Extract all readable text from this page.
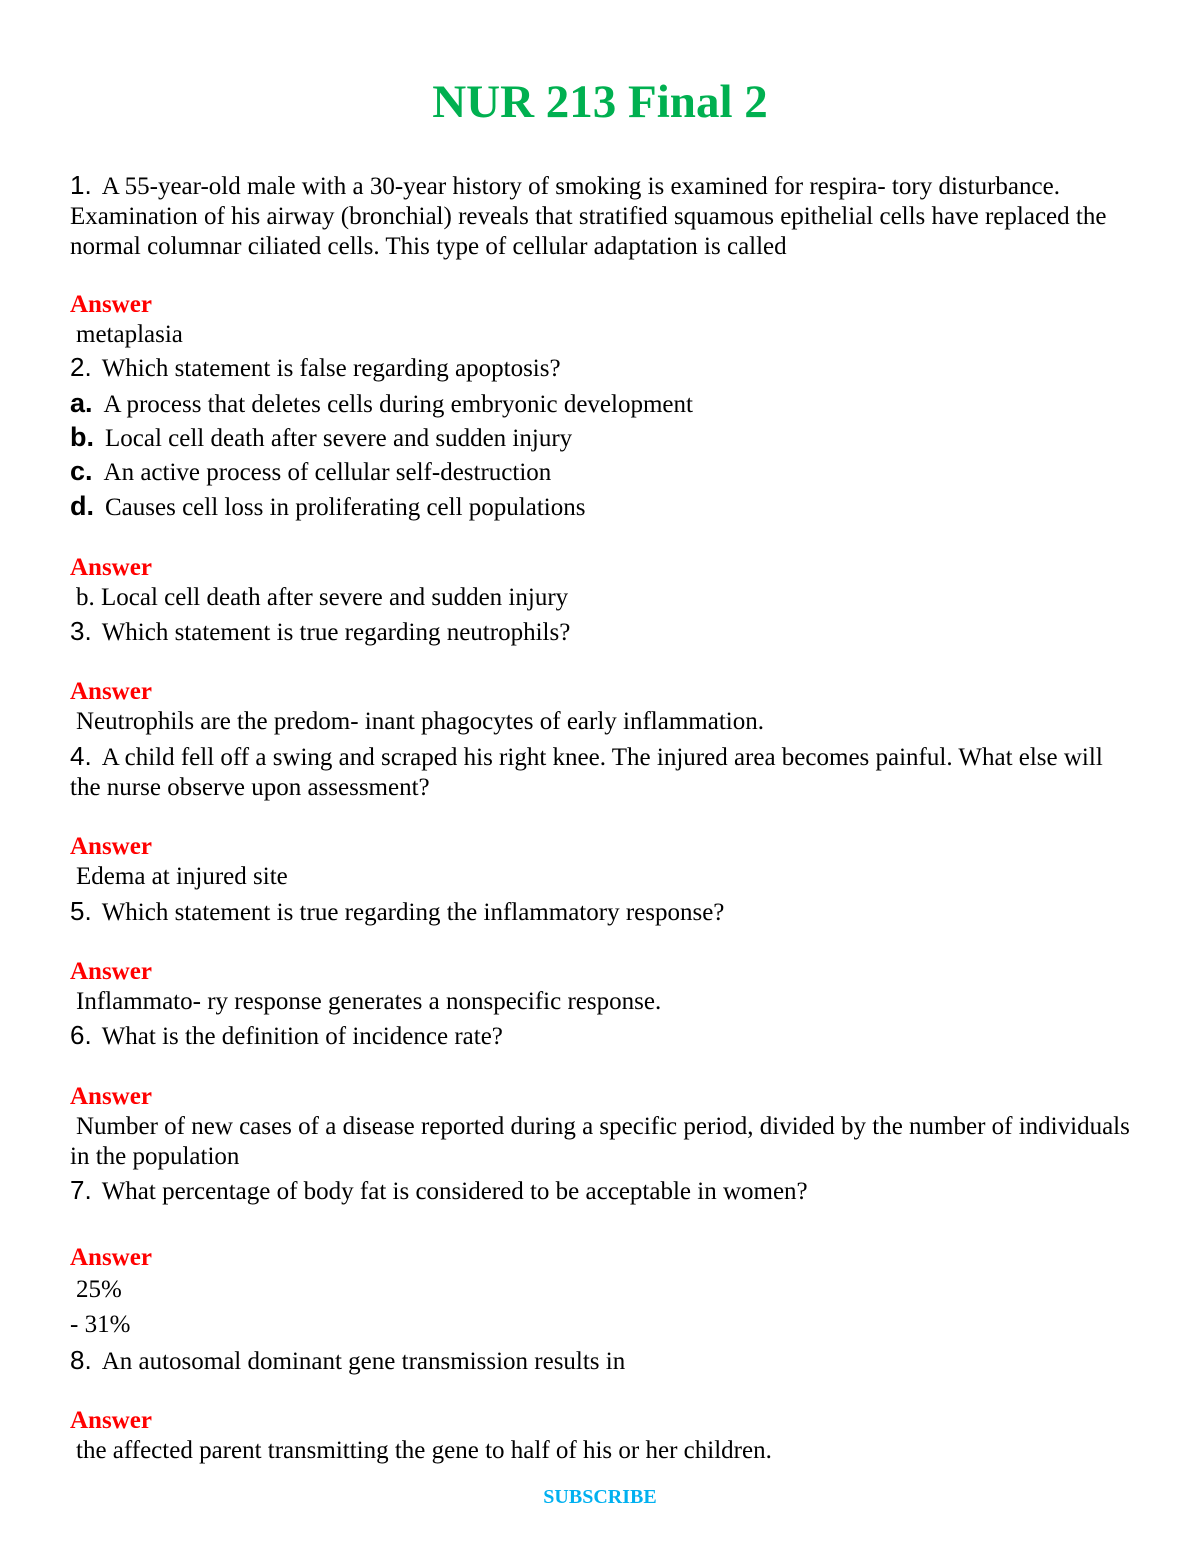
NUR 213 Final 2
1. A 55-year-old male with a 30-year history of smoking is examined for respira- tory disturbance. Examination of his airway (bronchial) reveals that stratified squamous epithelial cells have replaced the normal columnar ciliated cells. This type of cellular adaptation is called
Answer
metaplasia
2. Which statement is false regarding apoptosis?
a. A process that deletes cells during embryonic development
b. Local cell death after severe and sudden injury
c. An active process of cellular self-destruction
d. Causes cell loss in proliferating cell populations
Answer
b. Local cell death after severe and sudden injury
3. Which statement is true regarding neutrophils?
Answer
Neutrophils are the predom- inant phagocytes of early inflammation.
4. A child fell off a swing and scraped his right knee. The injured area becomes painful. What else will the nurse observe upon assessment?
Answer
Edema at injured site
5. Which statement is true regarding the inflammatory response?
Answer
Inflammato- ry response generates a nonspecific response.
6. What is the definition of incidence rate?
Answer
Number of new cases of a disease reported during a specific period, divided by the number of individuals in the population
7. What percentage of body fat is considered to be acceptable in women?
Answer
25%
- 31%
8. An autosomal dominant gene transmission results in
Answer
the affected parent transmitting the gene to half of his or her children.
SUBSCRIBE
